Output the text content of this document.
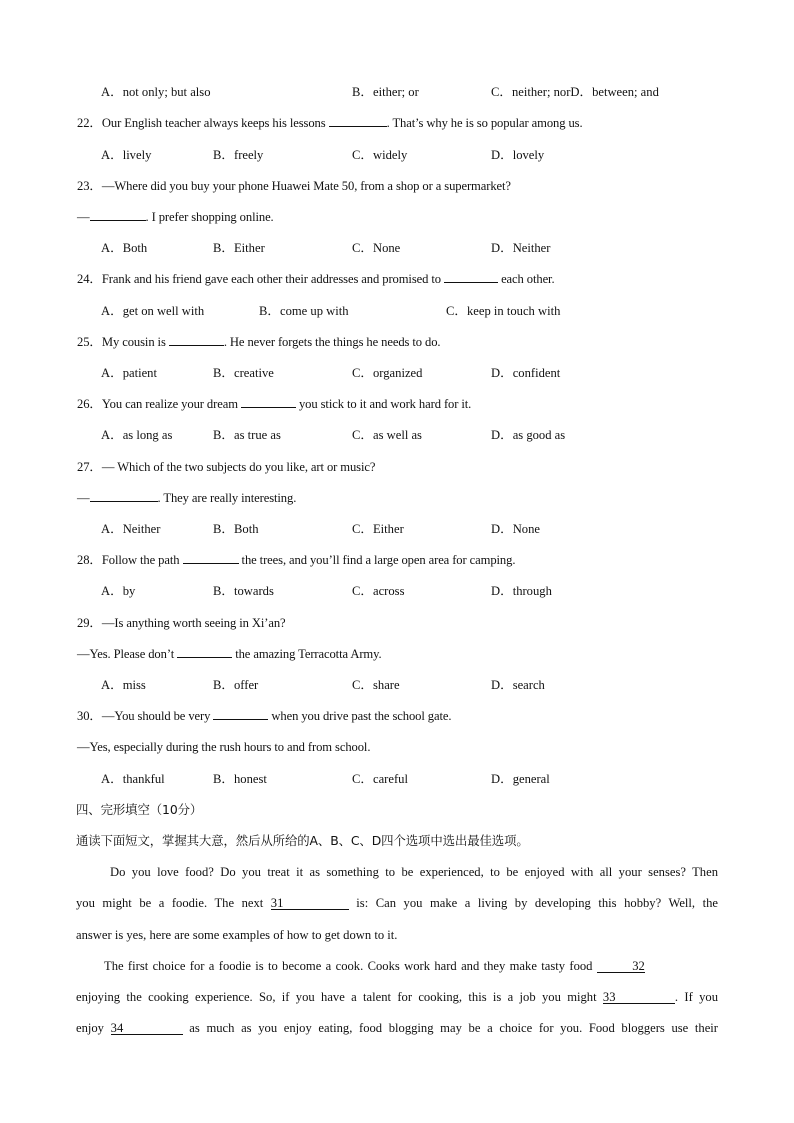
A．not only; but also	B．either; or	C．neither; norD．between; and
22．Our English teacher always keeps his lessons	. That’s why he is so popular among us.
A．lively	B．freely	C．widely	D．lovely
23．—Where did you buy your phone Huawei Mate 50, from a shop or a supermarket?
—	. I prefer shopping online.
A．Both	B．Either	C．None	D．Neither
24．Frank and his friend gave each other their addresses and promised to	each other.
A．get on well with	B．come up with	C．keep in touch with
25．My cousin is	. He never forgets the things he needs to do.
A．patient	B．creative	C．organized	D．confident
26．You can realize your dream	you stick to it and work hard for it.
A．as long as	B．as true as	C．as well as	D．as good as
27．— Which of the two subjects do you like, art or music?
—	. They are really interesting.
A．Neither	B．Both	C．Either	D．None
28．Follow the path	the trees, and you’ll find a large open area for camping.
A．by	B．towards	C．across	D．through
29．—Is anything worth seeing in Xi’an?
—Yes. Please don’t	the amazing Terracotta Army.
A．miss	B．offer	C．share	D．search
30．—You should be very	when you drive past the school gate.
—Yes, especially during the rush hours to and from school.
A．thankful	B．honest	C．careful	D．general
四、完形填空（10分）
通读下面短文，掌握其大意，然后从所给的A、B、C、D四个选项中选出最佳选项。
Do you love food? Do you treat it as something to be experienced, to be enjoyed with all your senses? Then
you might be a foodie. The next 31	is: Can you make a living by developing this hobby? Well, the
answer is yes, here are some examples of how to get down to it.
The first choice for a foodie is to become a cook. Cooks work hard and they make tasty food	32
enjoying the cooking experience. So, if you have a talent for cooking, this is a job you might 33	. If you
enjoy 34	as much as you enjoy eating, food blogging may be a choice for you. Food bloggers use their
